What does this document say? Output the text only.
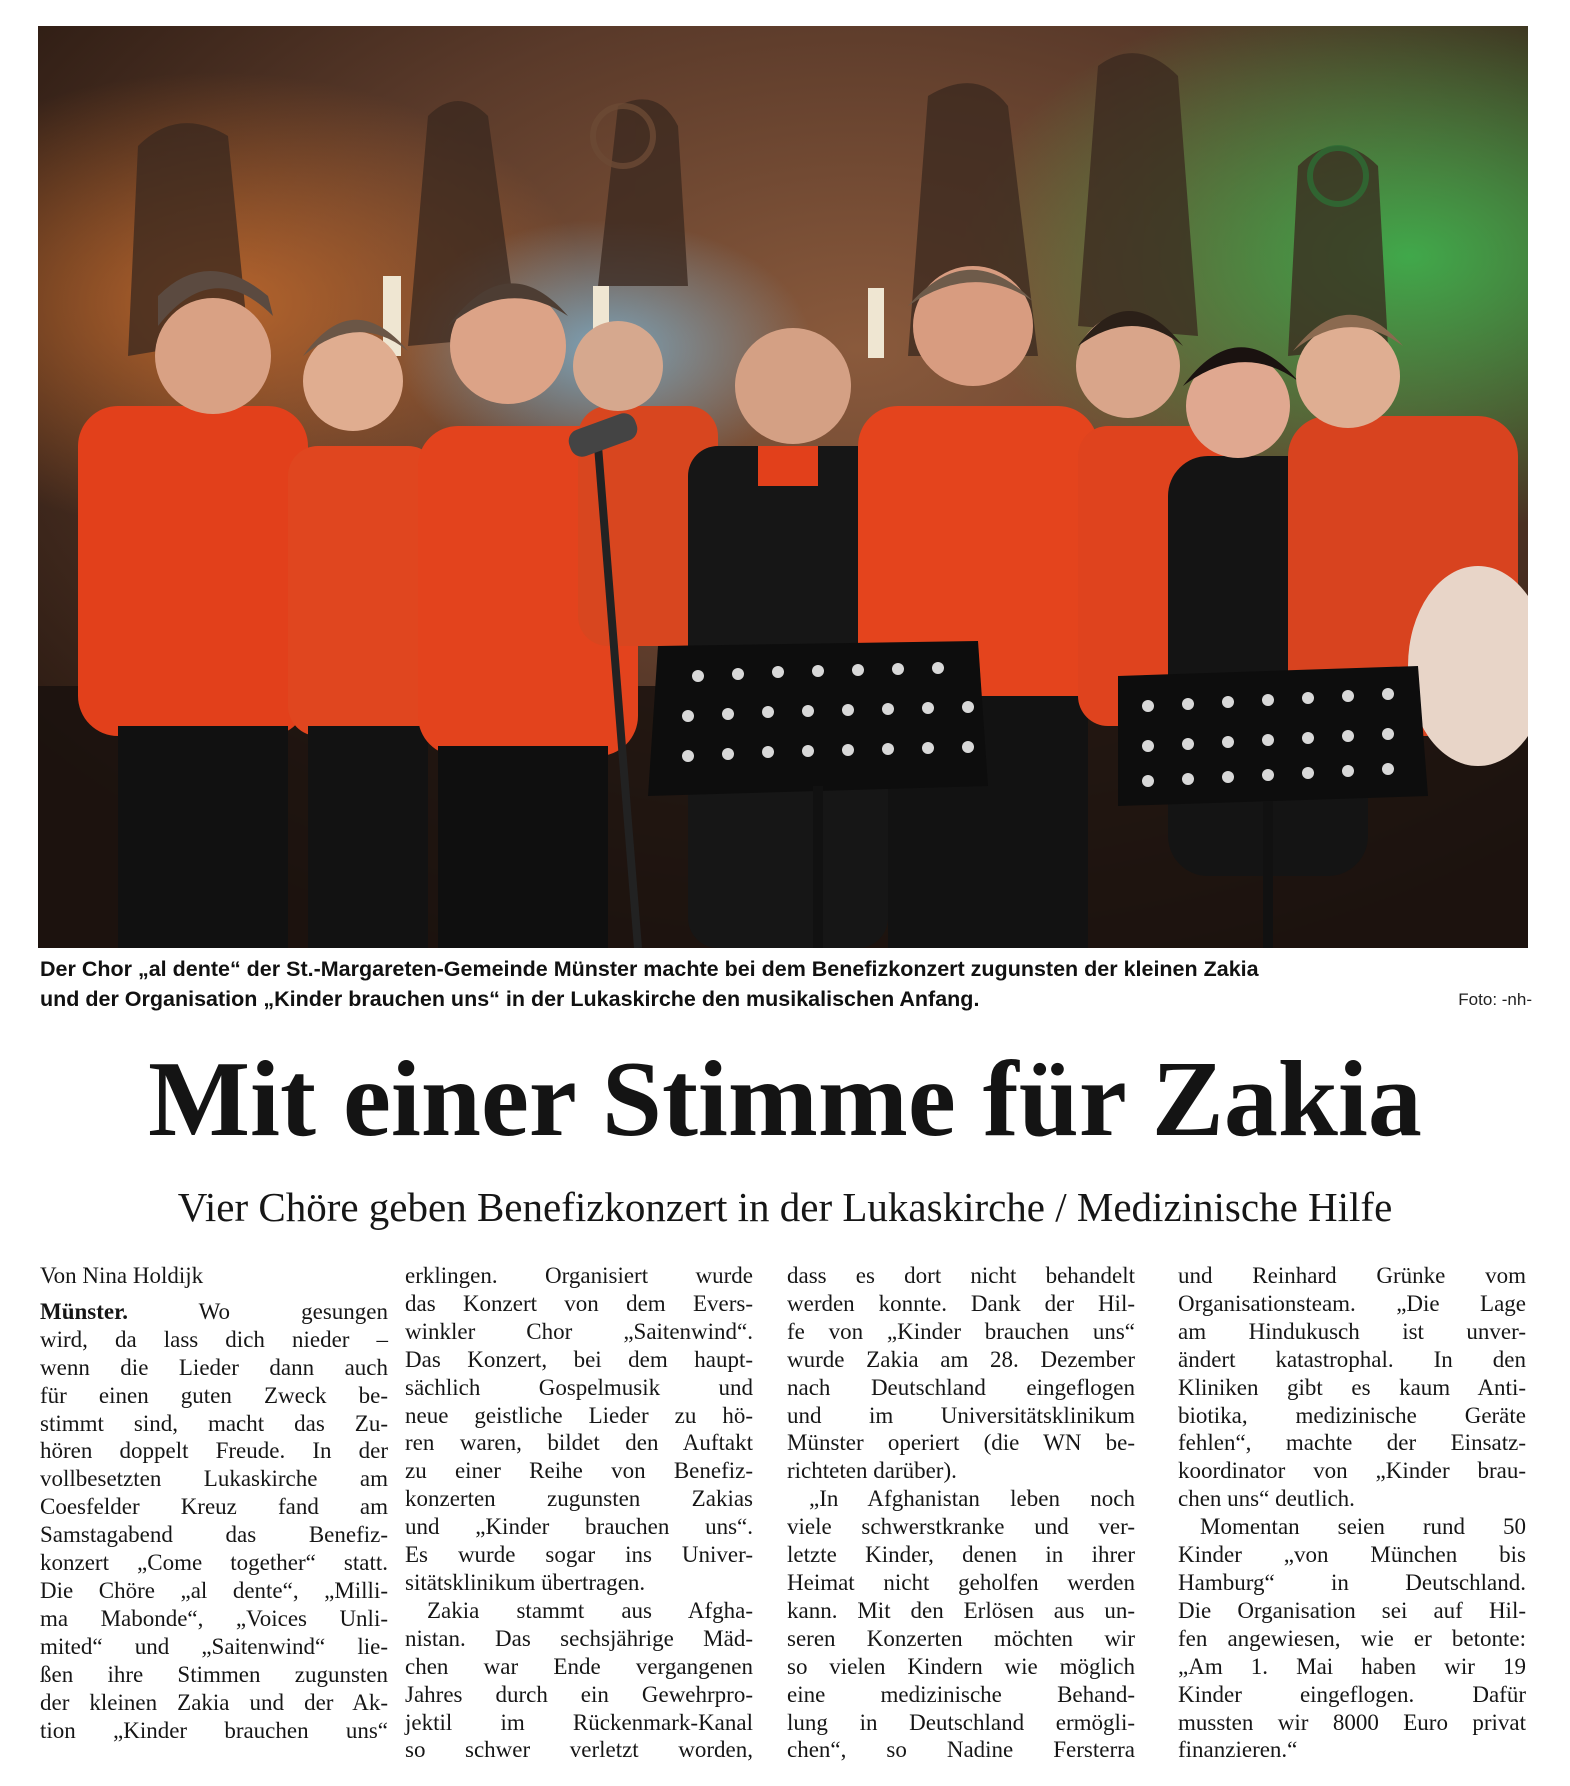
Der Chor „al dente“ der St.-Margareten-Gemeinde Münster machte bei dem Benefizkonzert zugunsten der kleinen Zakia
und der Organisation „Kinder brauchen uns“ in der Lukaskirche den musikalischen Anfang.	Foto: -nh-
Mit einer Stimme für Zakia
Vier Chöre geben Benefizkonzert in der Lukaskirche / Medizinische Hilfe
Von Nina Holdijk
Münster. Wo gesungen
wird, da lass dich nieder –
wenn die Lieder dann auch
für einen guten Zweck be-
stimmt sind, macht das Zu-
hören doppelt Freude. In der
vollbesetzten Lukaskirche am
Coesfelder Kreuz fand am
Samstagabend das Benefiz-
konzert „Come together“ statt.
Die Chöre „al dente“, „Milli-
ma Mabonde“, „Voices Unli-
mited“ und „Saitenwind“ lie-
ßen ihre Stimmen zugunsten
der kleinen Zakia und der Ak-
tion „Kinder brauchen uns“
erklingen. Organisiert wurde
das Konzert von dem Evers-
winkler Chor „Saitenwind“.
Das Konzert, bei dem haupt-
sächlich Gospelmusik und
neue geistliche Lieder zu hö-
ren waren, bildet den Auftakt
zu einer Reihe von Benefiz-
konzerten zugunsten Zakias
und „Kinder brauchen uns“.
Es wurde sogar ins Univer-
sitätsklinikum übertragen.
Zakia stammt aus Afgha-
nistan. Das sechsjährige Mäd-
chen war Ende vergangenen
Jahres durch ein Gewehrpro-
jektil im Rückenmark-Kanal
so schwer verletzt worden,
dass es dort nicht behandelt
werden konnte. Dank der Hil-
fe von „Kinder brauchen uns“
wurde Zakia am 28. Dezember
nach Deutschland eingeflogen
und im Universitätsklinikum
Münster operiert (die WN be-
richteten darüber).
„In Afghanistan leben noch
viele schwerstkranke und ver-
letzte Kinder, denen in ihrer
Heimat nicht geholfen werden
kann. Mit den Erlösen aus un-
seren Konzerten möchten wir
so vielen Kindern wie möglich
eine medizinische Behand-
lung in Deutschland ermögli-
chen“, so Nadine Fersterra
und Reinhard Grünke vom
Organisationsteam. „Die Lage
am Hindukusch ist unver-
ändert katastrophal. In den
Kliniken gibt es kaum Anti-
biotika, medizinische Geräte
fehlen“, machte der Einsatz-
koordinator von „Kinder brau-
chen uns“ deutlich.
Momentan seien rund 50
Kinder „von München bis
Hamburg“ in Deutschland.
Die Organisation sei auf Hil-
fen angewiesen, wie er betonte:
„Am 1. Mai haben wir 19
Kinder eingeflogen. Dafür
mussten wir 8000 Euro privat
finanzieren.“
